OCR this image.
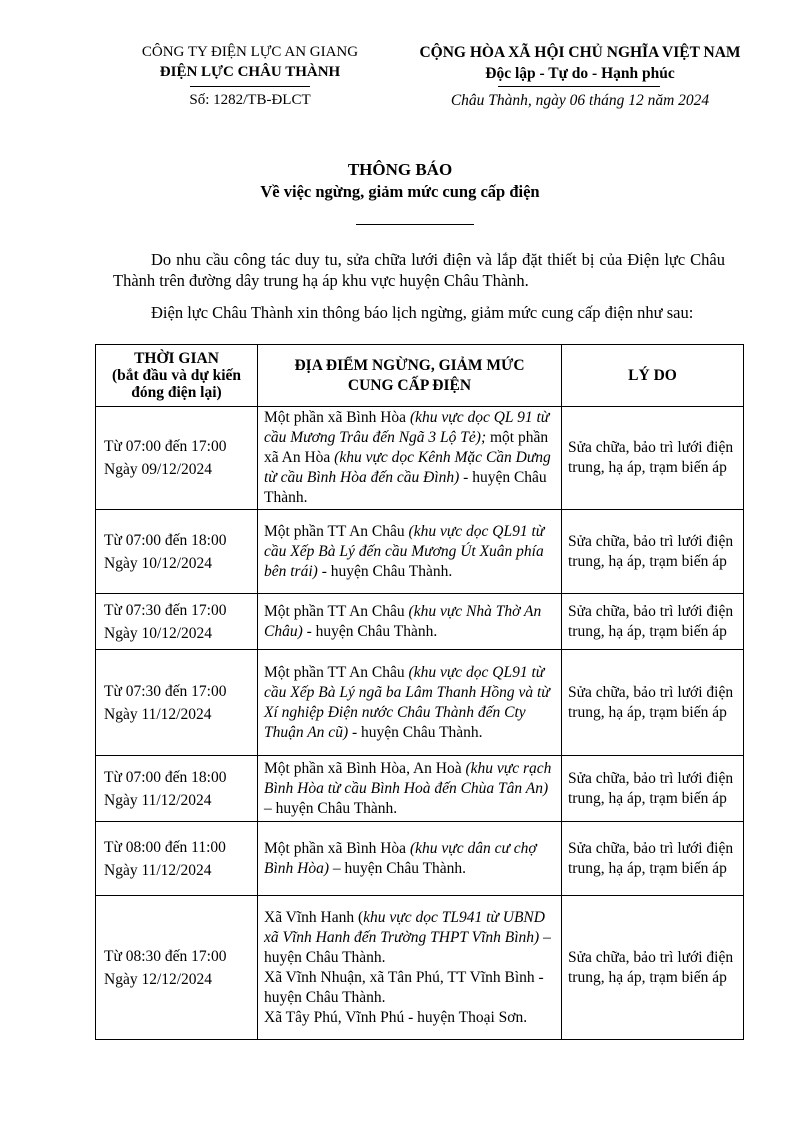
CÔNG TY ĐIỆN LỰC AN GIANG
ĐIỆN LỰC CHÂU THÀNH
Số: 1282/TB-ĐLCT
CỘNG HÒA XÃ HỘI CHỦ NGHĨA VIỆT NAM
Độc lập - Tự do - Hạnh phúc
Châu Thành, ngày 06 tháng 12 năm 2024
THÔNG BÁO
Về việc ngừng, giảm mức cung cấp điện
Do nhu cầu công tác duy tu, sửa chữa lưới điện và lắp đặt thiết bị của Điện lực Châu Thành trên đường dây trung hạ áp khu vực huyện Châu Thành.
Điện lực Châu Thành xin thông báo lịch ngừng, giảm mức cung cấp điện như sau:
THỜI GIAN
(bắt đầu và dự kiến
đóng điện lại)	ĐỊA ĐIỂM NGỪNG, GIẢM MỨC
CUNG CẤP ĐIỆN	LÝ DO

Từ 07:00 đến 17:00
Ngày 09/12/2024	Một phần xã Bình Hòa (khu vực dọc QL 91 từ cầu Mương Trâu đến Ngã 3 Lộ Tẻ); một phần xã An Hòa (khu vực dọc Kênh Mặc Cần Dưng từ cầu Bình Hòa đến cầu Đình) - huyện Châu Thành.	Sửa chữa, bảo trì lưới điện trung, hạ áp, trạm biến áp

Từ 07:00 đến 18:00
Ngày 10/12/2024	Một phần TT An Châu (khu vực dọc QL91 từ cầu Xếp Bà Lý đến cầu Mương Út Xuân phía bên trái) - huyện Châu Thành.	Sửa chữa, bảo trì lưới điện trung, hạ áp, trạm biến áp

Từ 07:30 đến 17:00
Ngày 10/12/2024	Một phần TT An Châu (khu vực Nhà Thờ An Châu) - huyện Châu Thành.	Sửa chữa, bảo trì lưới điện trung, hạ áp, trạm biến áp

Từ 07:30 đến 17:00
Ngày 11/12/2024	Một phần TT An Châu (khu vực dọc QL91 từ cầu Xếp Bà Lý ngã ba Lâm Thanh Hồng và từ Xí nghiệp Điện nước Châu Thành đến Cty Thuận An cũ) - huyện Châu Thành.	Sửa chữa, bảo trì lưới điện trung, hạ áp, trạm biến áp

Từ 07:00 đến 18:00
Ngày 11/12/2024	Một phần xã Bình Hòa, An Hoà (khu vực rạch Bình Hòa từ cầu Bình Hoà đến Chùa Tân An) – huyện Châu Thành.	Sửa chữa, bảo trì lưới điện trung, hạ áp, trạm biến áp

Từ 08:00 đến 11:00
Ngày 11/12/2024	Một phần xã Bình Hòa (khu vực dân cư chợ Bình Hòa) – huyện Châu Thành.	Sửa chữa, bảo trì lưới điện trung, hạ áp, trạm biến áp

Từ 08:30 đến 17:00
Ngày 12/12/2024	Xã Vĩnh Hanh (khu vực dọc TL941 từ UBND xã Vĩnh Hanh đến Trường THPT Vĩnh Bình) – huyện Châu Thành.
Xã Vĩnh Nhuận, xã Tân Phú, TT Vĩnh Bình - huyện Châu Thành.
Xã Tây Phú, Vĩnh Phú - huyện Thoại Sơn.	Sửa chữa, bảo trì lưới điện trung, hạ áp, trạm biến áp
